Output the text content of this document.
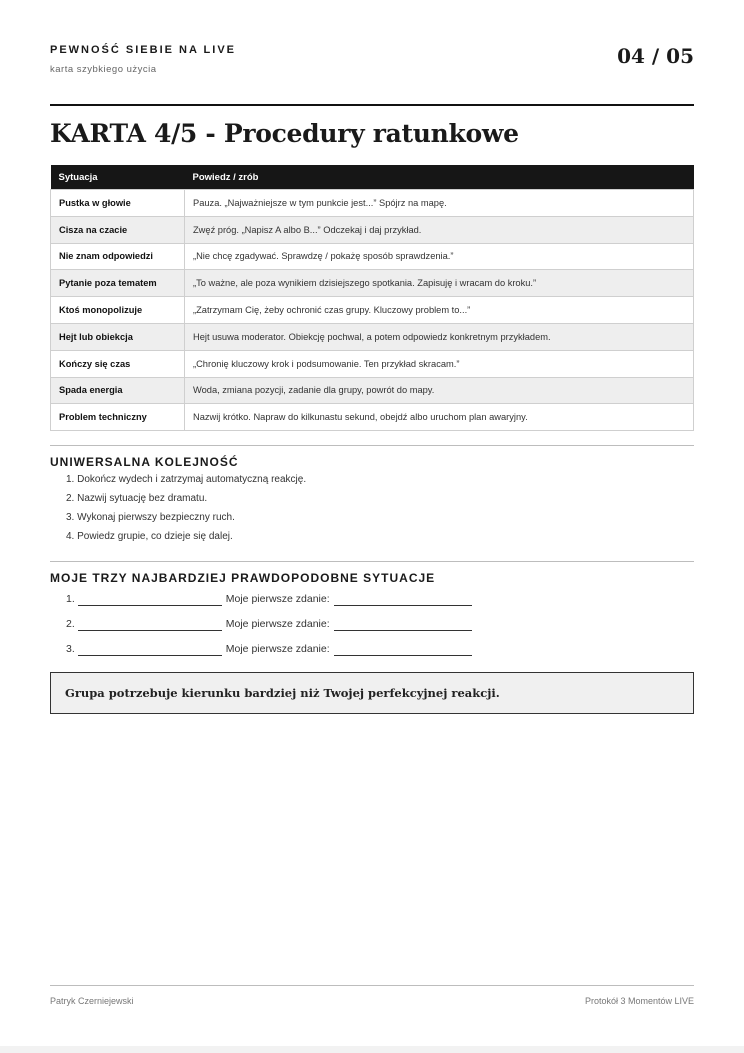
PEWNOŚĆ SIEBIE NA LIVE
karta szybkiego użycia
04 / 05
KARTA 4/5 - Procedury ratunkowe
Sytuacja	Powiedz / zrób
Pustka w głowie	Pauza. „Najważniejsze w tym punkcie jest...” Spójrz na mapę.
Cisza na czacie	Zwęź próg. „Napisz A albo B...” Odczekaj i daj przykład.
Nie znam odpowiedzi	„Nie chcę zgadywać. Sprawdzę / pokażę sposób sprawdzenia.”
Pytanie poza tematem	„To ważne, ale poza wynikiem dzisiejszego spotkania. Zapisuję i wracam do kroku.”
Ktoś monopolizuje	„Zatrzymam Cię, żeby ochronić czas grupy. Kluczowy problem to...”
Hejt lub obiekcja	Hejt usuwa moderator. Obiekcję pochwal, a potem odpowiedz konkretnym przykładem.
Kończy się czas	„Chronię kluczowy krok i podsumowanie. Ten przykład skracam.”
Spada energia	Woda, zmiana pozycji, zadanie dla grupy, powrót do mapy.
Problem techniczny	Nazwij krótko. Napraw do kilkunastu sekund, obejdź albo uruchom plan awaryjny.
UNIWERSALNA KOLEJNOŚĆ
1. Dokończ wydech i zatrzymaj automatyczną reakcję.
2. Nazwij sytuację bez dramatu.
3. Wykonaj pierwszy bezpieczny ruch.
4. Powiedz grupie, co dzieje się dalej.
MOJE TRZY NAJBARDZIEJ PRAWDOPODOBNE SYTUACJE
1.	Moje pierwsze zdanie:
2.	Moje pierwsze zdanie:
3.	Moje pierwsze zdanie:
Grupa potrzebuje kierunku bardziej niż Twojej perfekcyjnej reakcji.
Patryk Czerniejewski	Protokół 3 Momentów LIVE
